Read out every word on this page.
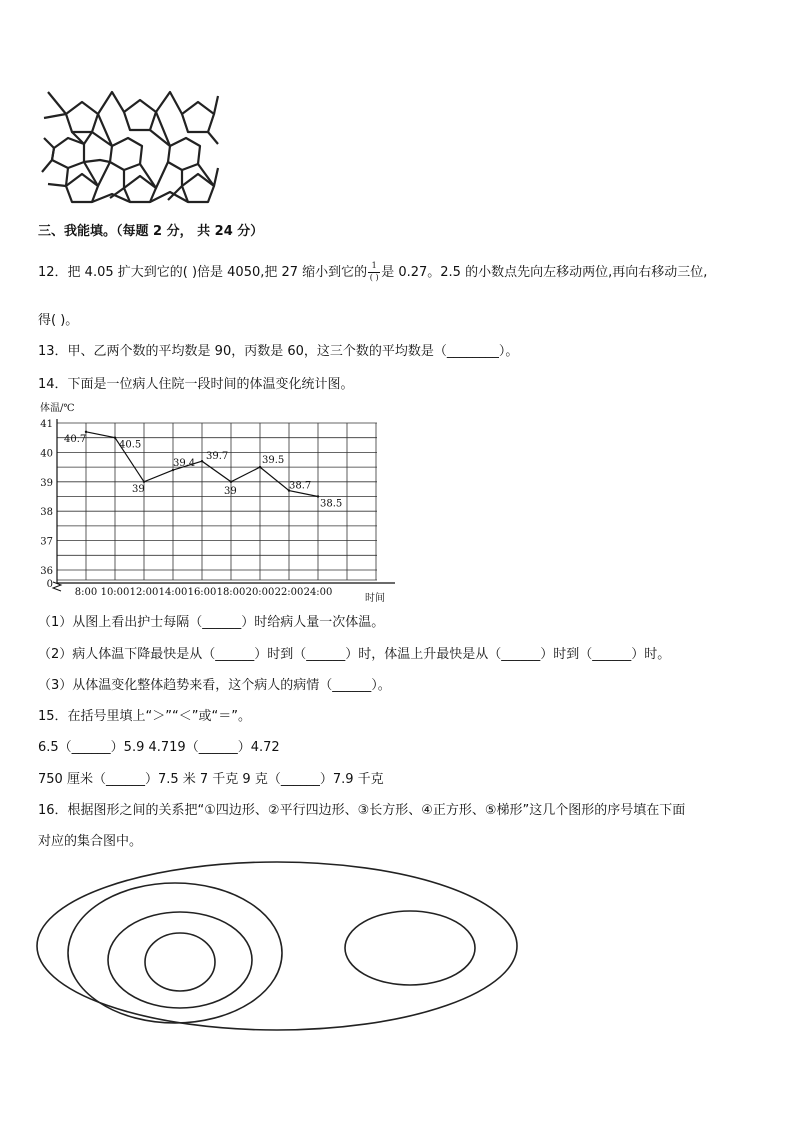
三、我能填。（每题 2 分， 共 24 分）
12．把 4.05 扩大到它的( )倍是 4050,把 27 缩小到它的 1
( ) 是 0.27。2.5 的小数点先向左移动两位,再向右移动三位,
得( )。
13．甲、乙两个数的平均数是 90，丙数是 60，这三个数的平均数是（________）。
14．下面是一位病人住院一段时间的体温变化统计图。
体温/℃
41
40
39
38
37
36
0
8:00 10:00 12:00 14:00 16:00 18:00 20:00 22:00 24:00
40.7
40.5
39
39.4
39.7
39
39.5
38.7
38.5
时间
（1）从图上看出护士每隔（______）时给病人量一次体温。
（2）病人体温下降最快是从（______）时到（______）时，体温上升最快是从（______）时到（______）时。
（3）从体温变化整体趋势来看，这个病人的病情（______）。
15．在括号里填上“＞”“＜”或“＝”。
6.5（______）5.9 4.719（______）4.72
750 厘米（______）7.5 米 7 千克 9 克（______）7.9 千克
16．根据图形之间的关系把“①四边形、②平行四边形、③长方形、④正方形、⑤梯形”这几个图形的序号填在下面
对应的集合图中。
